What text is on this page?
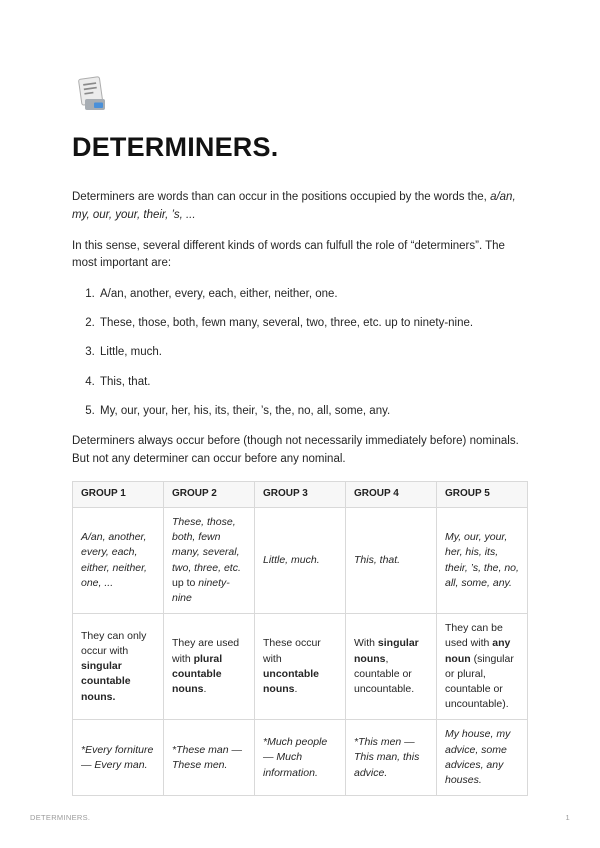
DETERMINERS.

Determiners are words than can occur in the positions occupied by the words the, a/an, my, our, your, their, ’s, ...

In this sense, several different kinds of words can fulfull the role of “determiners”. The most important are:

1. A/an, another, every, each, either, neither, one.
2. These, those, both, fewn many, several, two, three, etc. up to ninety-nine.
3. Little, much.
4. This, that.
5. My, our, your, her, his, its, their, ’s, the, no, all, some, any.

Determiners always occur before (though not necessarily immediately before) nominals. But not any determiner can occur before any nominal.

GROUP 1	GROUP 2	GROUP 3	GROUP 4	GROUP 5
A/an, another, every, each, either, neither, one, ...	These, those, both, fewn many, several, two, three, etc. up to ninety-nine	Little, much.	This, that.	My, our, your, her, his, its, their, ’s, the, no, all, some, any.
They can only occur with singular countable nouns.	They are used with plural countable nouns.	These occur with uncontable nouns.	With singular nouns, countable or uncountable.	They can be used with any noun (singular or plural, countable or uncountable).
*Every forniture — Every man.	*These man — These men.	*Much people — Much information.	*This men — This man, this advice.	My house, my advice, some advices, any houses.
DETERMINERS.	1
